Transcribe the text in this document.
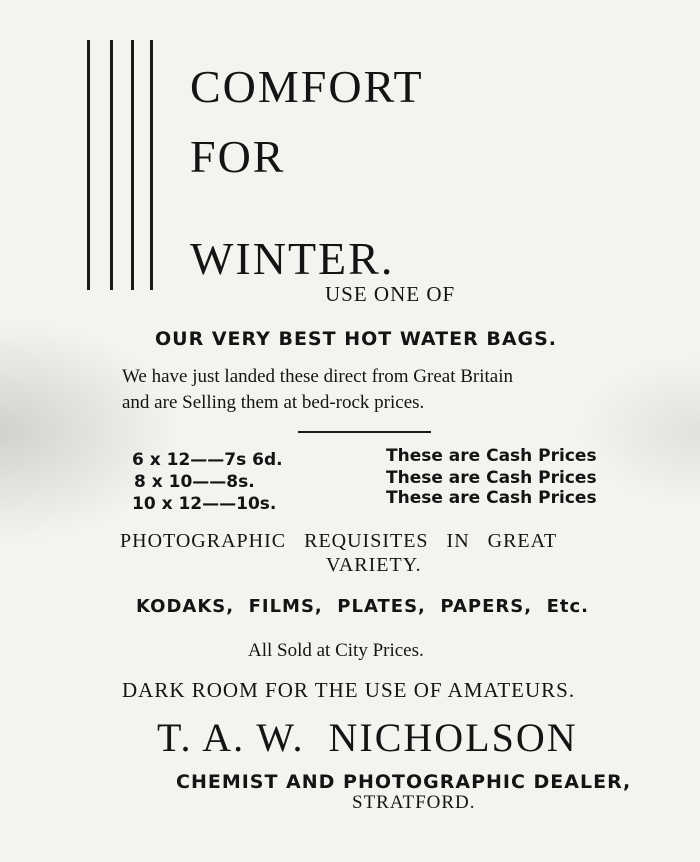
COMFORT
FOR
WINTER.
USE ONE OF
OUR VERY BEST HOT WATER BAGS.
We have just landed these direct from Great Britain
and are Selling them at bed-rock prices.
6 x 12——7s 6d.
8 x 10——8s.
10 x 12——10s.
These are Cash Prices
These are Cash Prices
These are Cash Prices
PHOTOGRAPHIC   REQUISITES   IN   GREAT
VARIETY.
KODAKS,  FILMS,  PLATES,  PAPERS,  Etc.
All Sold at City Prices.
DARK ROOM FOR THE USE OF AMATEURS.
T. A. W.  NICHOLSON
CHEMIST AND PHOTOGRAPHIC DEALER,
STRATFORD.
